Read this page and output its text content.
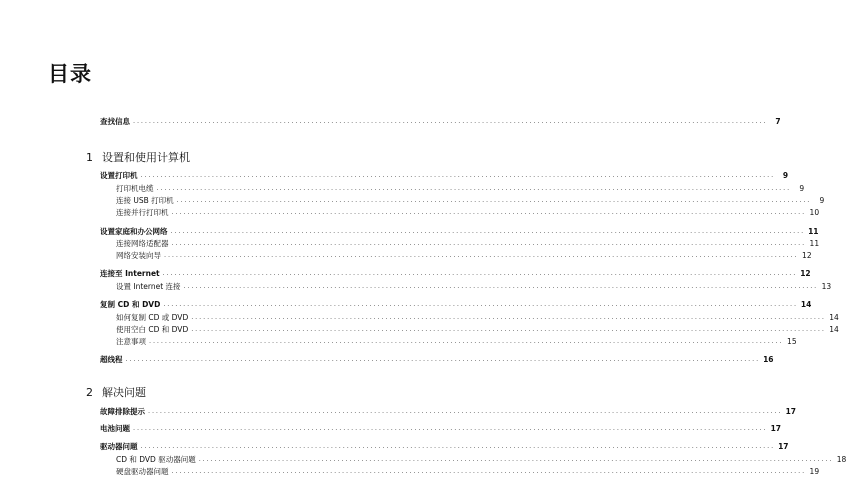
目录
查找信息 ................................................................................................................................................................	7
1 设置和使用计算机
设置打印机 ................................................................................................................................................................	9
打印机电缆 ................................................................................................................................................................	9
连接 USB 打印机 ................................................................................................................................................................	9
连接并行打印机 ................................................................................................................................................................ 10
设置家庭和办公网络 ................................................................................................................................................................ 11
连接网络适配器 ................................................................................................................................................................ 11
网络安装向导 ................................................................................................................................................................ 12
连接至 Internet ................................................................................................................................................................ 12
设置 Internet 连接 ................................................................................................................................................................ 13
复制 CD 和 DVD ................................................................................................................................................................ 14
如何复制 CD 或 DVD ................................................................................................................................................................ 14
使用空白 CD 和 DVD ................................................................................................................................................................ 14
注意事项 ................................................................................................................................................................ 15
超线程 ................................................................................................................................................................ 16
2 解决问题
故障排除提示 ................................................................................................................................................................ 17
电池问题 ................................................................................................................................................................ 17
驱动器问题 ................................................................................................................................................................ 17
CD 和 DVD 驱动器问题 ................................................................................................................................................................ 18
硬盘驱动器问题 ................................................................................................................................................................ 19
